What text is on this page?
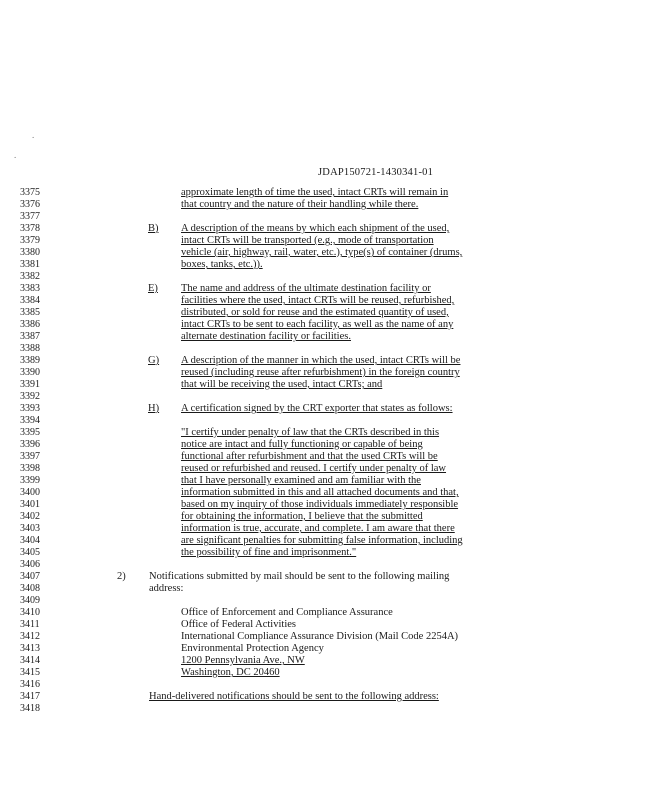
.
.
JDAP150721-1430341-01
3375
3376
3377
3378
3379
3380
3381
3382
3383
3384
3385
3386
3387
3388
3389
3390
3391
3392
3393
3394
3395
3396
3397
3398
3399
3400
3401
3402
3403
3404
3405
3406
3407
3408
3409
3410
3411
3412
3413
3414
3415
3416
3417
3418
approximate length of time the used, intact CRTs will remain in
that country and the nature of their handling while there.
B) A description of the means by which each shipment of the used,
intact CRTs will be transported (e.g., mode of transportation
vehicle (air, highway, rail, water, etc.), type(s) of container (drums,
boxes, tanks, etc.)).
E) The name and address of the ultimate destination facility or
facilities where the used, intact CRTs will be reused, refurbished,
distributed, or sold for reuse and the estimated quantity of used,
intact CRTs to be sent to each facility, as well as the name of any
alternate destination facility or facilities.
G) A description of the manner in which the used, intact CRTs will be
reused (including reuse after refurbishment) in the foreign country
that will be receiving the used, intact CRTs; and
H) A certification signed by the CRT exporter that states as follows:
"I certify under penalty of law that the CRTs described in this
notice are intact and fully functioning or capable of being
functional after refurbishment and that the used CRTs will be
reused or refurbished and reused. I certify under penalty of law
that I have personally examined and am familiar with the
information submitted in this and all attached documents and that,
based on my inquiry of those individuals immediately responsible
for obtaining the information, I believe that the submitted
information is true, accurate, and complete. I am aware that there
are significant penalties for submitting false information, including
the possibility of fine and imprisonment."
2) Notifications submitted by mail should be sent to the following mailing
address:
Office of Enforcement and Compliance Assurance
Office of Federal Activities
International Compliance Assurance Division (Mail Code 2254A)
Environmental Protection Agency
1200 Pennsylvania Ave., NW
Washington, DC 20460
Hand-delivered notifications should be sent to the following address:
